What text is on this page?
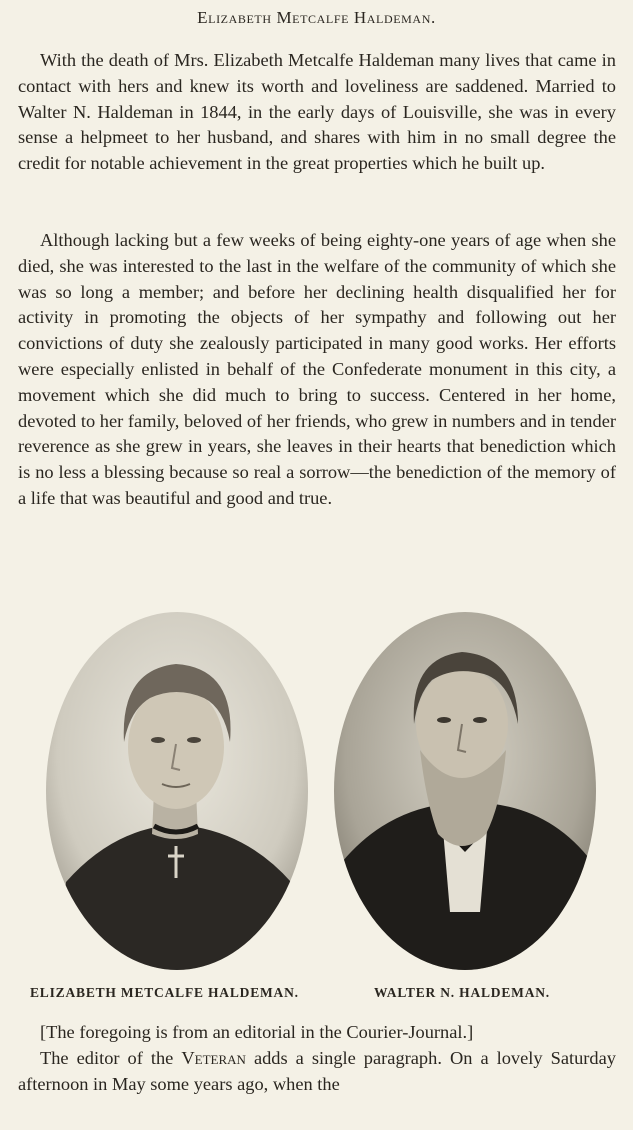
Elizabeth Metcalfe Haldeman.

With the death of Mrs. Elizabeth Metcalfe Haldeman many lives that came in contact with hers and knew its worth and loveliness are saddened. Married to Walter N. Haldeman in 1844, in the early days of Louisville, she was in every sense a helpmeet to her husband, and shares with him in no small degree the credit for notable achievement in the great properties which he built up.

Although lacking but a few weeks of being eighty-one years of age when she died, she was interested to the last in the welfare of the community of which she was so long a member; and before her declining health disqualified her for activity in promoting the objects of her sympathy and following out her convictions of duty she zealously participated in many good works. Her efforts were especially enlisted in behalf of the Confederate monument in this city, a movement which she did much to bring to success. Centered in her home, devoted to her family, beloved of her friends, who grew in numbers and in tender reverence as she grew in years, she leaves in their hearts that benediction which is no less a blessing because so real a sorrow—the benediction of the memory of a life that was beautiful and good and true.

ELIZABETH METCALFE HALDEMAN.	WALTER N. HALDEMAN.

[The foregoing is from an editorial in the Courier-Journal.]

The editor of the Veteran adds a single paragraph. On a lovely Saturday afternoon in May some years ago, when the
